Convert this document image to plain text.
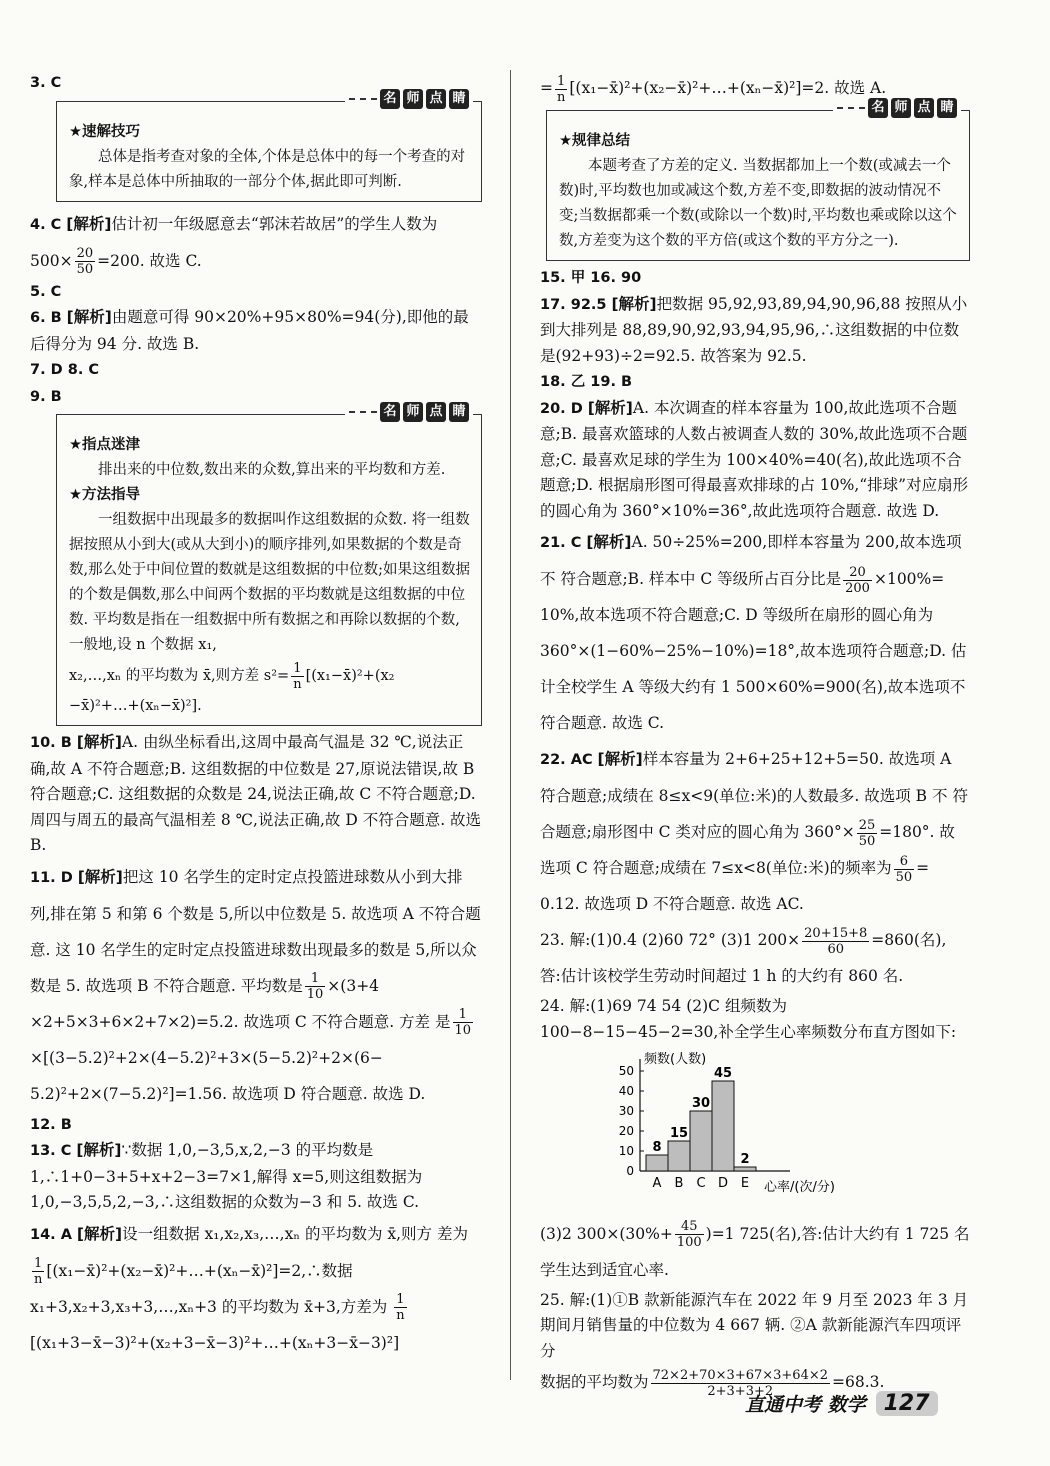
3. C

名 师 点 睛

★速解技巧

总体是指考查对象的全体,个体是总体中的每一个考查的对象,样本是总体中所抽取的一部分个体,据此即可判断.

4. C [解析]估计初一年级愿意去“郭沫若故居”的学生人数为
$500\times \frac{20}{50} =200$. 故选 C.

5. C

6. B [解析]由题意可得 90×20%+95×80%=94(分),即他的最后得分为 94 分. 故选 B.

7. D 8. C

9. B

名 师 点 睛

★指点迷津

排出来的中位数,数出来的众数,算出来的平均数和方差.

★方法指导

一组数据中出现最多的数据叫作这组数据的众数. 将一组数据按照从小到大(或从大到小)的顺序排列,如果数据的个数是奇数,那么处于中间位置的数就是这组数据的中位数;如果这组数据的个数是偶数,那么中间两个数据的平均数就是这组数据的中位数. 平均数是指在一组数据中所有数据之和再除以数据的个数,一般地,设 n 个数据 x₁,

x₂,…,xₙ 的平均数为 x̄,则方差 $s^2= \frac{1}{n}$ [(x₁−x̄)²+(x₂

−x̄)²+…+(xₙ−x̄)²].

10. B [解析]A. 由纵坐标看出,这周中最高气温是 32 ℃,说法正确,故 A 不符合题意;B. 这组数据的中位数是 27,原说法错误,故 B 符合题意;C. 这组数据的众数是 24,说法正确,故 C 不符合题意;D. 周四与周五的最高气温相差 8 ℃,说法正确,故 D 不符合题意. 故选 B.

11. D [解析]把这 10 名学生的定时定点投篮进球数从小到大排列,排在第 5 和第 6 个数是 5,所以中位数是 5. 故选项 A 不符合题意. 这 10 名学生的定时定点投篮进球数出现最多的数是 5,所以众数是 5. 故选项 B 不符合题意. 平均数是 $\frac{1}{10} \times(3+4 \times 2+5\times 3+6\times 2+7\times 2)=5.2$. 故选项 C 不符合题意. 方差 是 $\frac{1}{10}$
×[(3−5.2)²+2×(4−5.2)²+3×(5−5.2)²+2×(6− 5.2)²+2×(7−5.2)²]=1.56. 故选项 D 符合题意. 故选 D.

12. B

13. C [解析]∵数据 1,0,−3,5,x,2,−3 的平均数是 1,∴1+0−3+5+x+2−3=7×1,解得 x=5,则这组数据为 1,0,−3,5,5,2,−3,∴这组数据的众数为−3 和 5. 故选 C.

14. A [解析]设一组数据 x₁,x₂,x₃,…,xₙ 的平均数为 x̄,则方 差为
$\frac{1}{n}$ [(x₁−x̄)²+(x₂−x̄)²+…+(xₙ−x̄)²]=2,∴数据 x₁+3,x₂+3,x₃+3,…,xₙ+3 的平均数为 x̄+3,方差为 $\frac{1}{n}$
[(x₁+3−x̄−3)²+(x₂+3−x̄−3)²+…+(xₙ+3−x̄−3)²]

= $\frac{1}{n}$ [(x₁−x̄)²+(x₂−x̄)²+…+(xₙ−x̄)²]=2. 故选 A.

名 师 点 睛

★规律总结

本题考查了方差的定义. 当数据都加上一个数(或减去一个数)时,平均数也加或减这个数,方差不变,即数据的波动情况不变;当数据都乘一个数(或除以一个数)时,平均数也乘或除以这个数,方差变为这个数的平方倍(或这个数的平方分之一).

15. 甲 16. 90

17. 92.5 [解析]把数据 95,92,93,89,94,90,96,88 按照从小到大排列是 88,89,90,92,93,94,95,96,∴这组数据的中位数是(92+93)÷2=92.5. 故答案为 92.5.

18. 乙 19. B

20. D [解析]A. 本次调查的样本容量为 100,故此选项不合题意;B. 最喜欢篮球的人数占被调查人数的 30%,故此选项不合题意;C. 最喜欢足球的学生为 100×40%=40(名),故此选项不合题意;D. 根据扇形图可得最喜欢排球的占 10%,“排球”对应扇形的圆心角为 360°×10%=36°,故此选项符合题意. 故选 D.

21. C [解析]A. 50÷25%=200,即样本容量为 200,故本选项不 符合题意;B. 样本中 C 等级所占百分比是 $\frac{20}{200} \times 100\%= 10\%$,故本选项不符合题意;C. D 等级所在扇形的圆心角为 360°×(1−60%−25%−10%)=18°,故本选项符合题意;D. 估计全校学生 A 等级大约有 1 500×60%=900(名),故本选项不符合题意. 故选 C.

22. AC [解析]样本容量为 2+6+25+12+5=50. 故选项 A 符合题意;成绩在 8≤x<9(单位:米)的人数最多. 故选项 B 不 符合题意;扇形图中 C 类对应的圆心角为 $360^\circ\times \frac{25}{50} =180^\circ$. 故 选项 C 符合题意;成绩在 7≤x<8(单位:米)的频率为 $\frac{6}{50} = 0.12$. 故选项 D 不符合题意. 故选 AC.

23. 解:(1)0.4 (2)60 72° (3)1 $200\times \frac{20+15+8}{60} =860$(名),
答:估计该校学生劳动时间超过 1 h 的大约有 860 名.

24. 解:(1)69 74 54 (2)C 组频数为 100−8−15−45−2=30,补全学生心率频数分布直方图如下:

0
10
20
30
40
50
频数(人数)
8
A
15
B
30
C
45
D
2
E 心率/(次/分)

(3)2 $300\times(30\%+ \frac{45}{100} )=1$ 725(名),答:估计大约有 1 725 名学生达到适宜心率.

25. 解:(1)①B 款新能源汽车在 2022 年 9 月至 2023 年 3 月期间月销售量的中位数为 4 667 辆. ②A 款新能源汽车四项评分

数据的平均数为 $\frac{72\times 2+70\times 3+67\times 3+64\times 2}{2+3+3+2} =68.3$.

直通中考 数学 127
